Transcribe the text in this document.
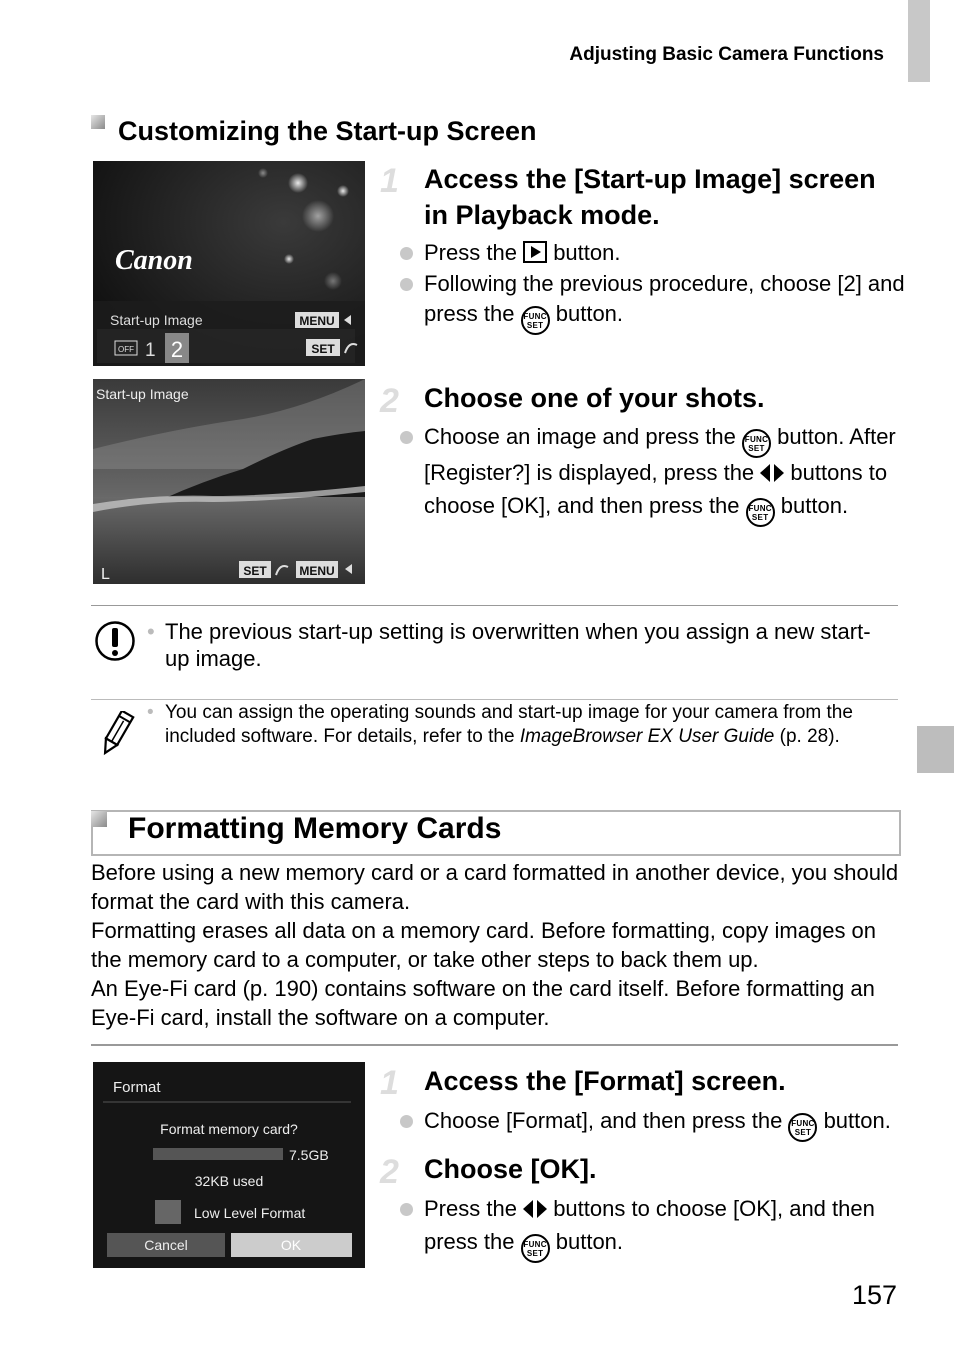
Adjusting Basic Camera Functions
Customizing the Start-up Screen
Canon
Start-up Image	MENU
OFF 1 2	SET
1 Access the [Start-up Image] screen in Playback mode.
Press the button.
Following the previous procedure, choose [2] and press the FUNC
SET button.
Start-up Image
L	SET	MENU
2 Choose one of your shots.
Choose an image and press the FUNC
SET button. After [Register?] is displayed, press the buttons to choose [OK], and then press the FUNC
SET button.
• The previous start-up setting is overwritten when you assign a new start-up image.
• You can assign the operating sounds and start-up image for your camera from the included software. For details, refer to the ImageBrowser EX User Guide (p. 28).
Formatting Memory Cards
Before using a new memory card or a card formatted in another device, you should format the card with this camera.
Formatting erases all data on a memory card. Before formatting, copy images on the memory card to a computer, or take other steps to back them up.
An Eye-Fi card (p. 190) contains software on the card itself. Before formatting an Eye-Fi card, install the software on a computer.
Format
Format memory card?
7.5GB
32KB used
Low Level Format
Cancel	OK
1 Access the [Format] screen.
Choose [Format], and then press the FUNC
SET button.
2 Choose [OK].
Press the buttons to choose [OK], and then press the FUNC
SET button.
157
